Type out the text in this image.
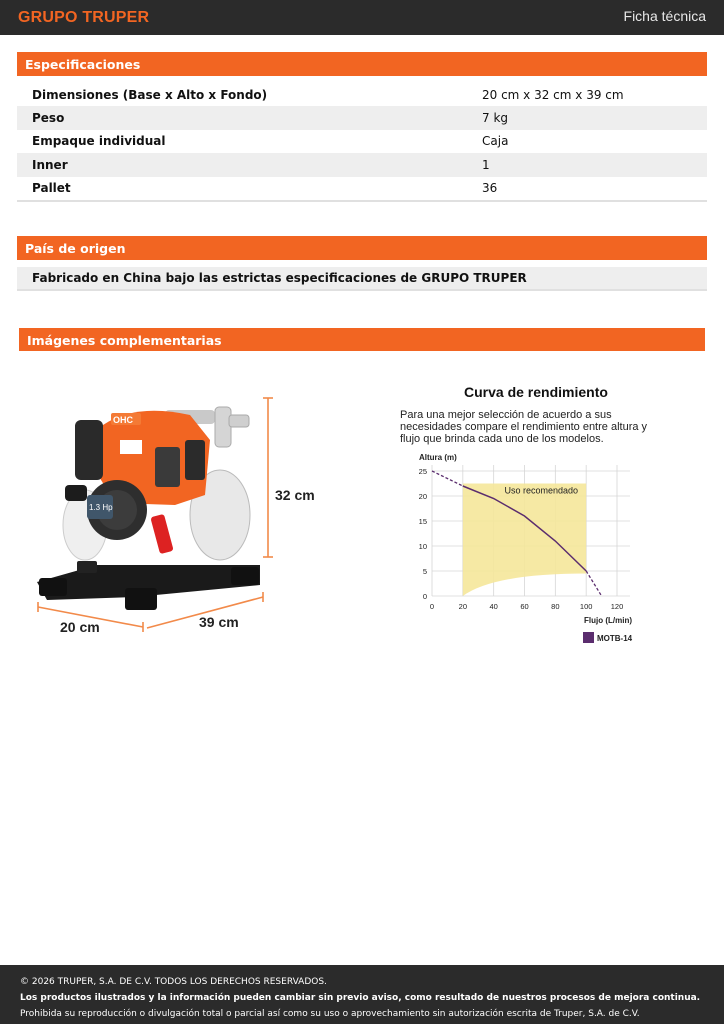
GRUPO TRUPER	Ficha técnica
Especificaciones
Dimensiones (Base x Alto x Fondo)	20 cm x 32 cm x 39 cm
Peso	7 kg
Empaque individual	Caja
Inner	1
Pallet	36
País de origen
Fabricado en China bajo las estrictas especificaciones de GRUPO TRUPER
Imágenes complementarias
OHC
1.3 Hp
32 cm
20 cm	39 cm
Curva de rendimiento
Para una mejor selección de acuerdo a sus necesidades compare el rendimiento entre altura y flujo que brinda cada uno de los modelos.
Uso recomendado
0	20	40	60	80	100 120
0
5
10
15
20
25
Altura (m)
Flujo (L/min)
MOTB-14
© 2026 TRUPER, S.A. DE C.V. TODOS LOS DERECHOS RESERVADOS.
Los productos ilustrados y la información pueden cambiar sin previo aviso, como resultado de nuestros procesos de mejora continua.
Prohibida su reproducción o divulgación total o parcial así como su uso o aprovechamiento sin autorización escrita de Truper, S.A. de C.V.
